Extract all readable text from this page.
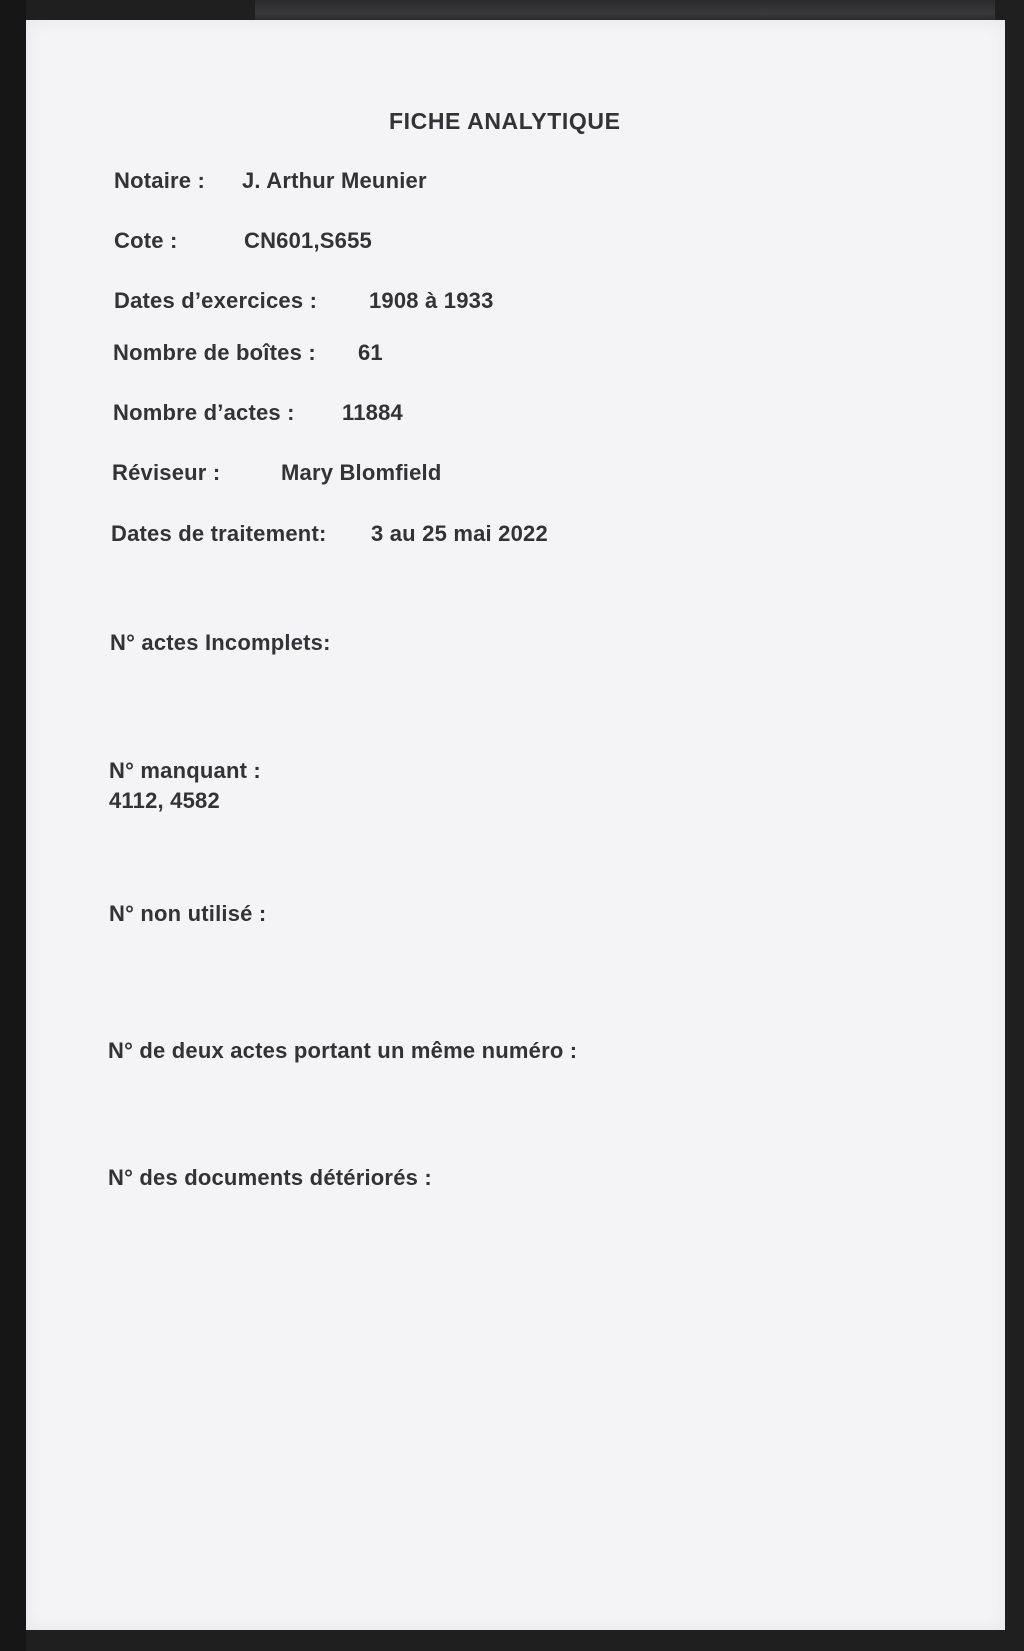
FICHE ANALYTIQUE

Notaire : J. Arthur Meunier

Cote :	CN601,S655

Dates d’exercices : 1908 à 1933

Nombre de boîtes : 61

Nombre d’actes : 11884

Réviseur :	Mary Blomfield

Dates de traitement: 3 au 25 mai 2022

N° actes Incomplets:

N° manquant :

4112, 4582

N° non utilisé :

N° de deux actes portant un même numéro :

N° des documents détériorés :
